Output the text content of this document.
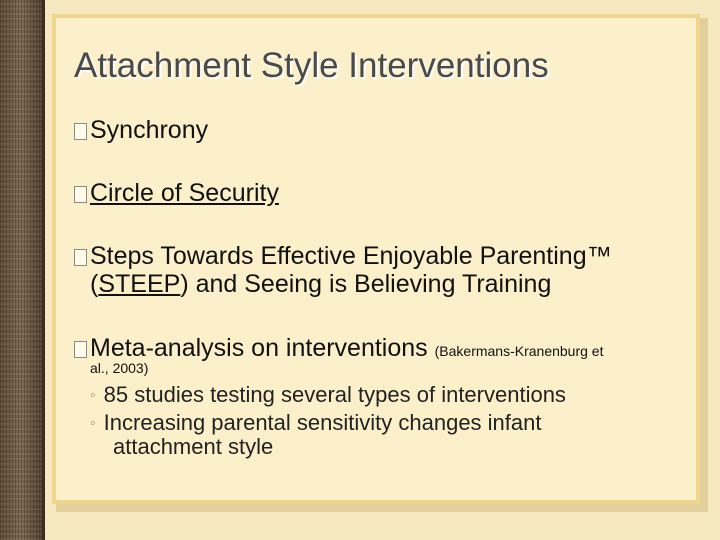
Attachment Style Interventions
Synchrony
Circle of Security
Steps Towards Effective Enjoyable Parenting™
(STEEP) and Seeing is Believing Training
Meta-analysis on interventions (Bakermans-Kranenburg et
al., 2003)
◦ 85 studies testing several types of interventions
◦ Increasing parental sensitivity changes infant
attachment style
